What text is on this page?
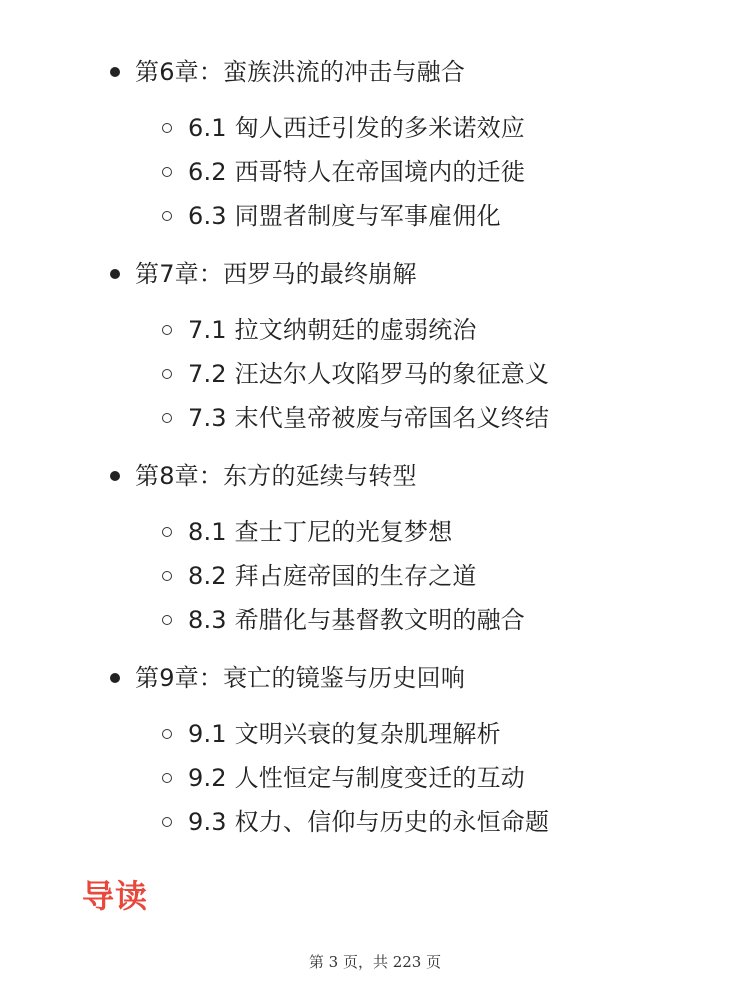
第6章：蛮族洪流的冲击与融合
6.1 匈人西迁引发的多米诺效应
6.2 西哥特人在帝国境内的迁徙
6.3 同盟者制度与军事雇佣化
第7章：西罗马的最终崩解
7.1 拉文纳朝廷的虚弱统治
7.2 汪达尔人攻陷罗马的象征意义
7.3 末代皇帝被废与帝国名义终结
第8章：东方的延续与转型
8.1 查士丁尼的光复梦想
8.2 拜占庭帝国的生存之道
8.3 希腊化与基督教文明的融合
第9章：衰亡的镜鉴与历史回响
9.1 文明兴衰的复杂肌理解析
9.2 人性恒定与制度变迁的互动
9.3 权力、信仰与历史的永恒命题
导读
第 3 页，共 223 页
